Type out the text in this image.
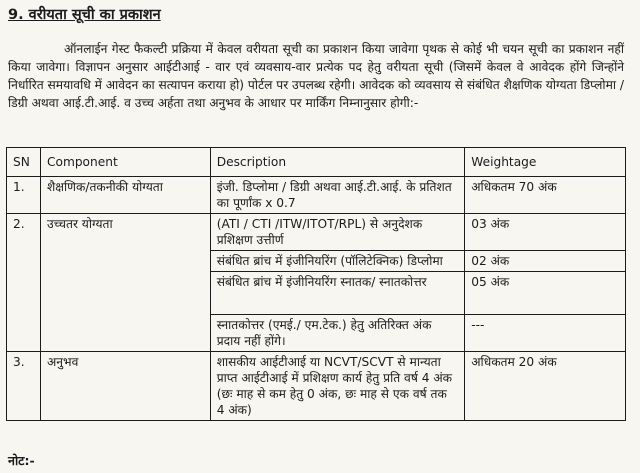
9. वरीयता सूची का प्रकाशन
ऑनलाईन गेस्ट फैकल्टी प्रक्रिया में केवल वरीयता सूची का प्रकाशन किया जावेगा पृथक से कोई भी चयन सूची का प्रकाशन नहीं किया जावेगा। विज्ञापन अनुसार आईटीआई - वार एवं व्यवसाय-वार प्रत्येक पद हेतु वरीयता सूची (जिसमें केवल वे आवेदक होंगे जिन्होंने निर्धारित समयावधि में आवेदन का सत्यापन कराया हो) पोर्टल पर उपलब्ध रहेगी। आवेदक को व्यवसाय से संबंधित शैक्षणिक योग्यता डिप्लोमा / डिग्री अथवा आई.टी.आई. व उच्च अर्हता तथा अनुभव के आधार पर मार्किंग निम्नानुसार होगी:-
SN	Component	Description	Weightage
1.	शैक्षणिक/तकनीकी योग्यता	इंजी. डिप्लोमा / डिग्री अथवा आई.टी.आई. के प्रतिशत का पूर्णांक x 0.7	अधिकतम 70 अंक
2.	उच्चतर योग्यता	(ATI / CTI /ITW/ITOT/RPL) से अनुदेशक प्रशिक्षण उत्तीर्ण	03 अंक
		संबंधित ब्रांच में इंजीनियरिंग (पॉलिटेक्निक) डिप्लोमा	02 अंक
		संबंधित ब्रांच में इंजीनियरिंग स्नातक/ स्नातकोत्तर	05 अंक
		स्नातकोत्तर (एमई./ एम.टेक.) हेतु अतिरिक्त अंक प्रदाय नहीं होंगे।	---
3.	अनुभव	शासकीय आईटीआई या NCVT/SCVT से मान्यता प्राप्त आईटीआई में प्रशिक्षण कार्य हेतु प्रति वर्ष 4 अंक (छः माह से कम हेतु 0 अंक, छः माह से एक वर्ष तक 4 अंक)	अधिकतम 20 अंक
नोट:-
